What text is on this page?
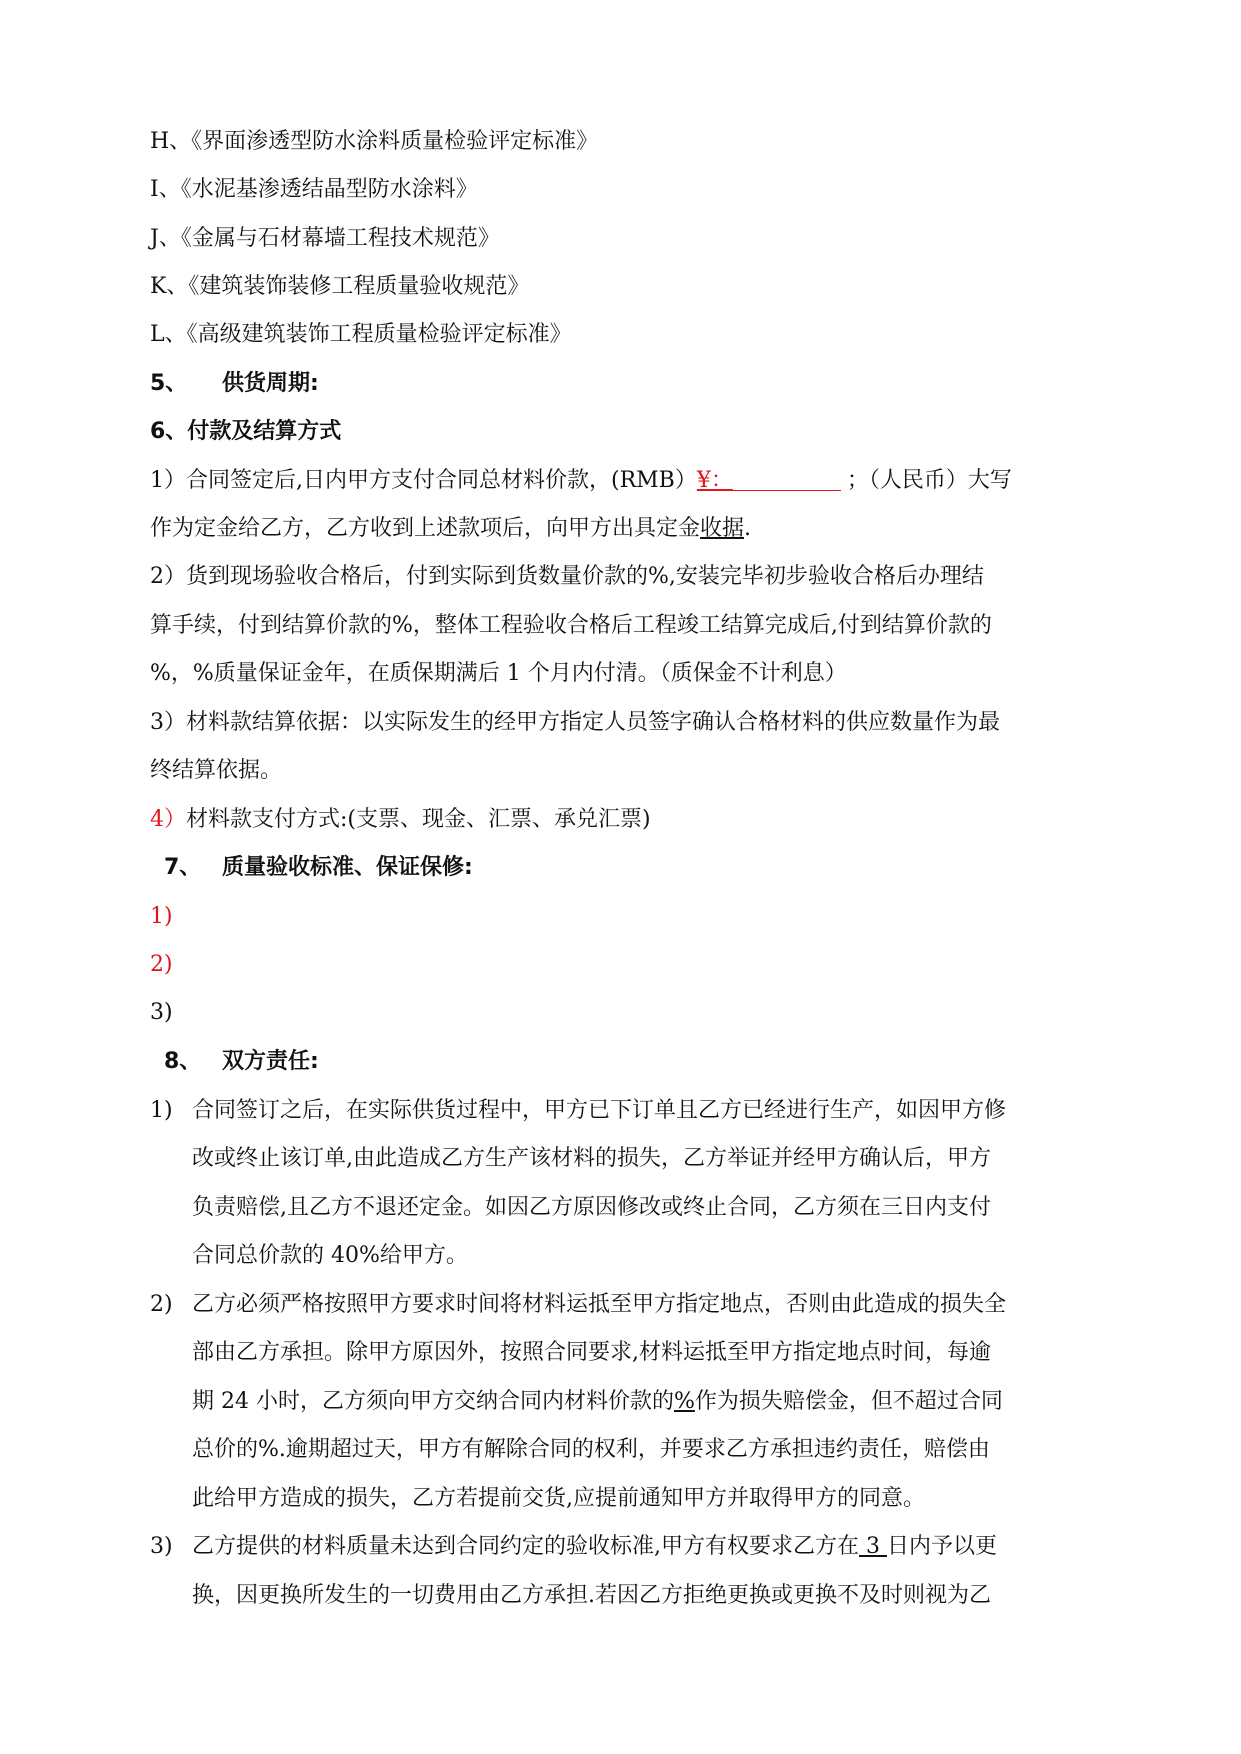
H、《界面渗透型防水涂料质量检验评定标准》
I、《水泥基渗透结晶型防水涂料》
J、《金属与石材幕墙工程技术规范》
K、《建筑装饰装修工程质量验收规范》
L、《高级建筑装饰工程质量检验评定标准》
5、 供货周期:
6、付款及结算方式
1）合同签定后,日内甲方支付合同总材料价款，(RMB）¥：	；（人民币）大写
作为定金给乙方，乙方收到上述款项后，向甲方出具定金收据.
2）货到现场验收合格后，付到实际到货数量价款的%,安装完毕初步验收合格后办理结
算手续，付到结算价款的%，整体工程验收合格后工程竣工结算完成后,付到结算价款的
%，%质量保证金年，在质保期满后 1 个月内付清。（质保金不计利息）
3）材料款结算依据：以实际发生的经甲方指定人员签字确认合格材料的供应数量作为最
终结算依据。
4）材料款支付方式:(支票、现金、汇票、承兑汇票)
7、 质量验收标准、保证保修:
1)
2)
3)
8、 双方责任:
1) 合同签订之后，在实际供货过程中，甲方已下订单且乙方已经进行生产，如因甲方修
改或终止该订单,由此造成乙方生产该材料的损失，乙方举证并经甲方确认后，甲方
负责赔偿,且乙方不退还定金。如因乙方原因修改或终止合同，乙方须在三日内支付
合同总价款的 40%给甲方。
2) 乙方必须严格按照甲方要求时间将材料运抵至甲方指定地点，否则由此造成的损失全
部由乙方承担。除甲方原因外，按照合同要求,材料运抵至甲方指定地点时间，每逾
期 24 小时，乙方须向甲方交纳合同内材料价款的%作为损失赔偿金，但不超过合同
总价的%.逾期超过天，甲方有解除合同的权利，并要求乙方承担违约责任，赔偿由
此给甲方造成的损失，乙方若提前交货,应提前通知甲方并取得甲方的同意。
3) 乙方提供的材料质量未达到合同约定的验收标准,甲方有权要求乙方在 3 日内予以更
换，因更换所发生的一切费用由乙方承担.若因乙方拒绝更换或更换不及时则视为乙
